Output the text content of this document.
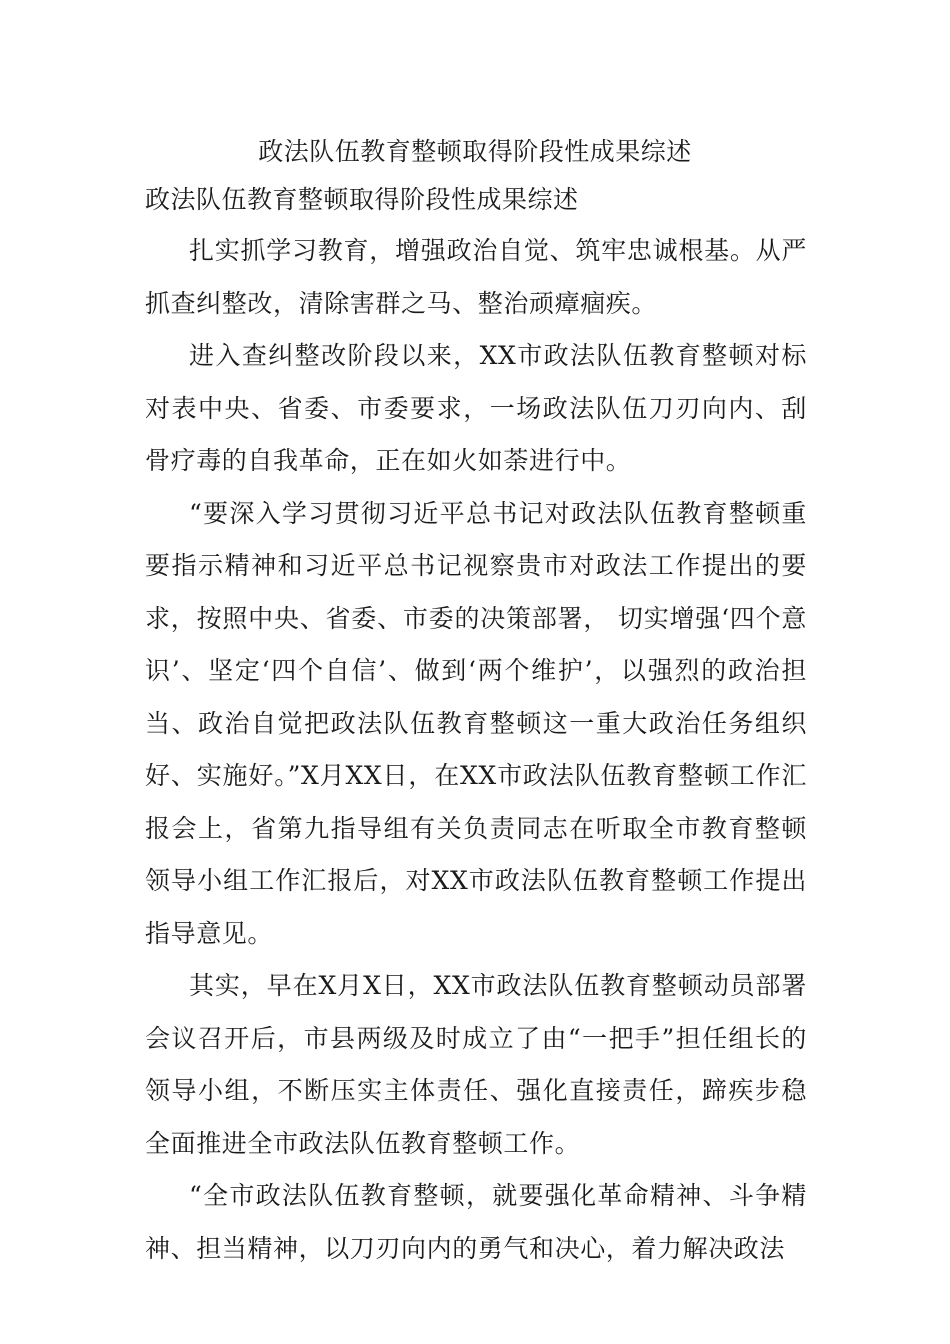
政法队伍教育整顿取得阶段性成果综述
政法队伍教育整顿取得阶段性成果综述

扎实抓学习教育，增强政治自觉、筑牢忠诚根基。从严抓查纠整改，清除害群之马、整治顽瘴痼疾。

进入查纠整改阶段以来，XX市政法队伍教育整顿对标对表中央、省委、市委要求，一场政法队伍刀刃向内、刮骨疗毒的自我革命，正在如火如荼进行中。

“要深入学习贯彻习近平总书记对政法队伍教育整顿重要指示精神和习近平总书记视察贵市对政法工作提出的要求，按照中央、省委、市委的决策部署， 切实增强‘四个意识’、坚定‘四个自信’、做到‘两个维护’，以强烈的政治担当、政治自觉把政法队伍教育整顿这一重大政治任务组织好、实施好。”X月XX日，在XX市政法队伍教育整顿工作汇报会上，省第九指导组有关负责同志在听取全市教育整顿领导小组工作汇报后，对XX市政法队伍教育整顿工作提出指导意见。

其实，早在X月X日，XX市政法队伍教育整顿动员部署会议召开后，市县两级及时成立了由“一把手”担任组长的领导小组，不断压实主体责任、强化直接责任，蹄疾步稳全面推进全市政法队伍教育整顿工作。

“全市政法队伍教育整顿，就要强化革命精神、斗争精神、担当精神，以刀刃向内的勇气和决心，着力解决政法
